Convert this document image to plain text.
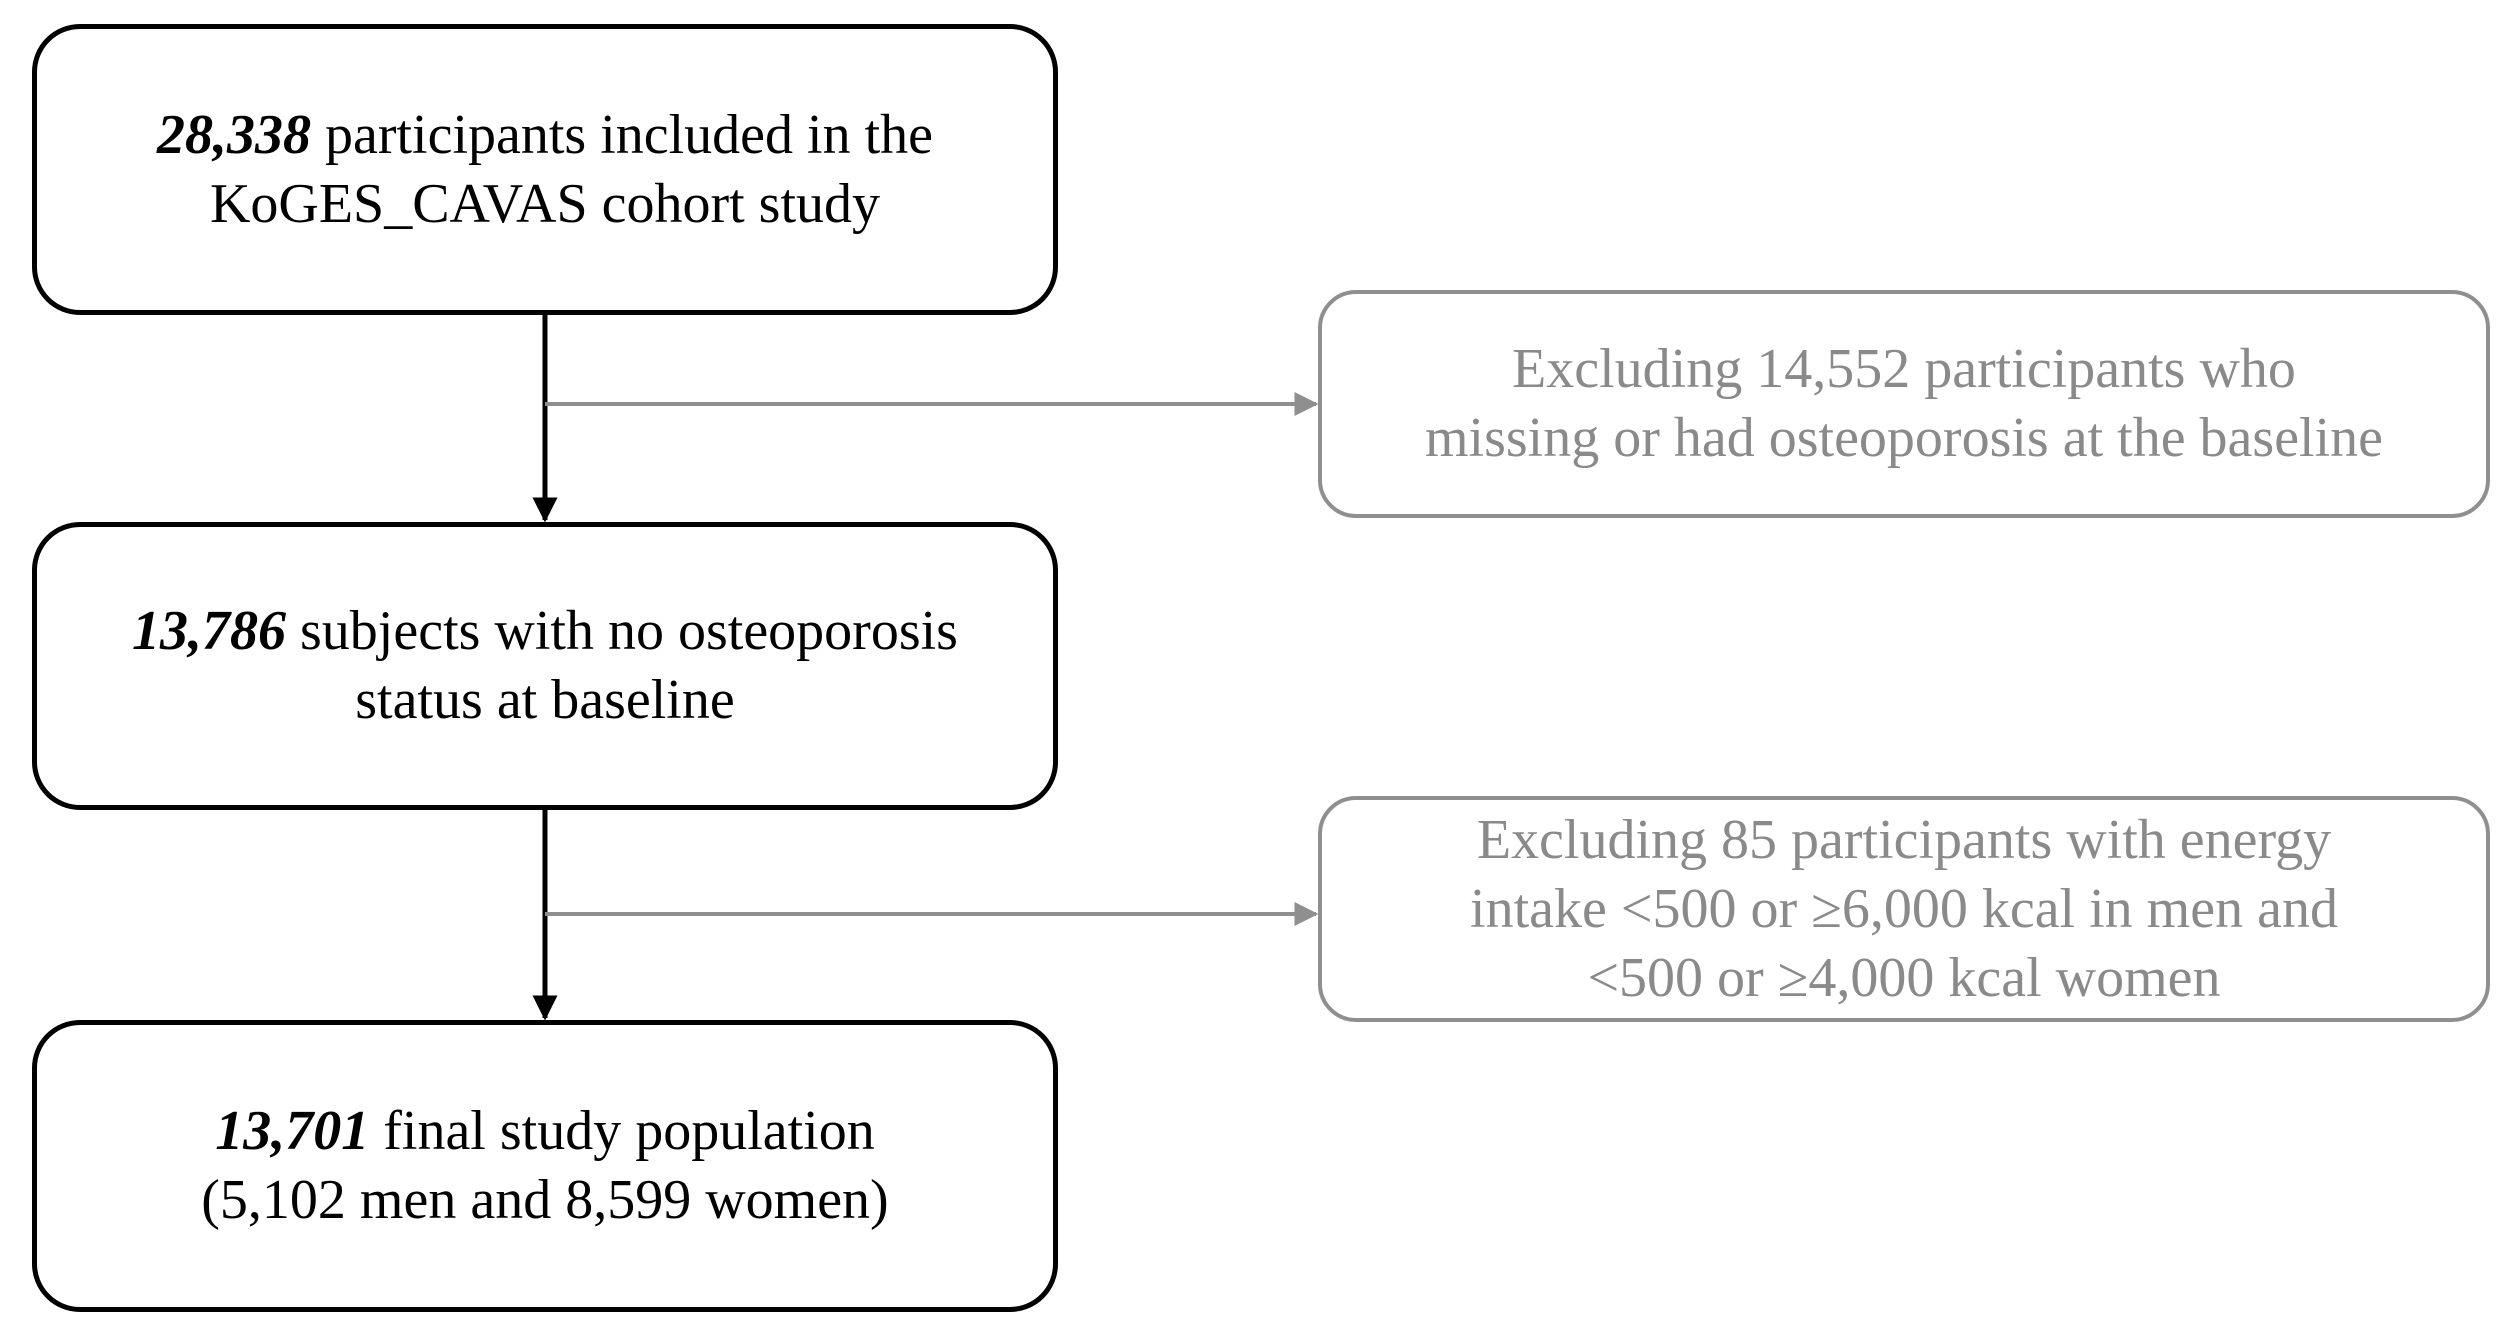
28,338 participants included in the
KoGES_CAVAS cohort study
13,786 subjects with no osteoporosis
status at baseline
13,701 final study population
(5,102 men and 8,599 women)
Excluding 14,552 participants who
missing or had osteoporosis at the baseline
Excluding 85 participants with energy
intake <500 or ≥6,000 kcal in men and
<500 or ≥4,000 kcal women
